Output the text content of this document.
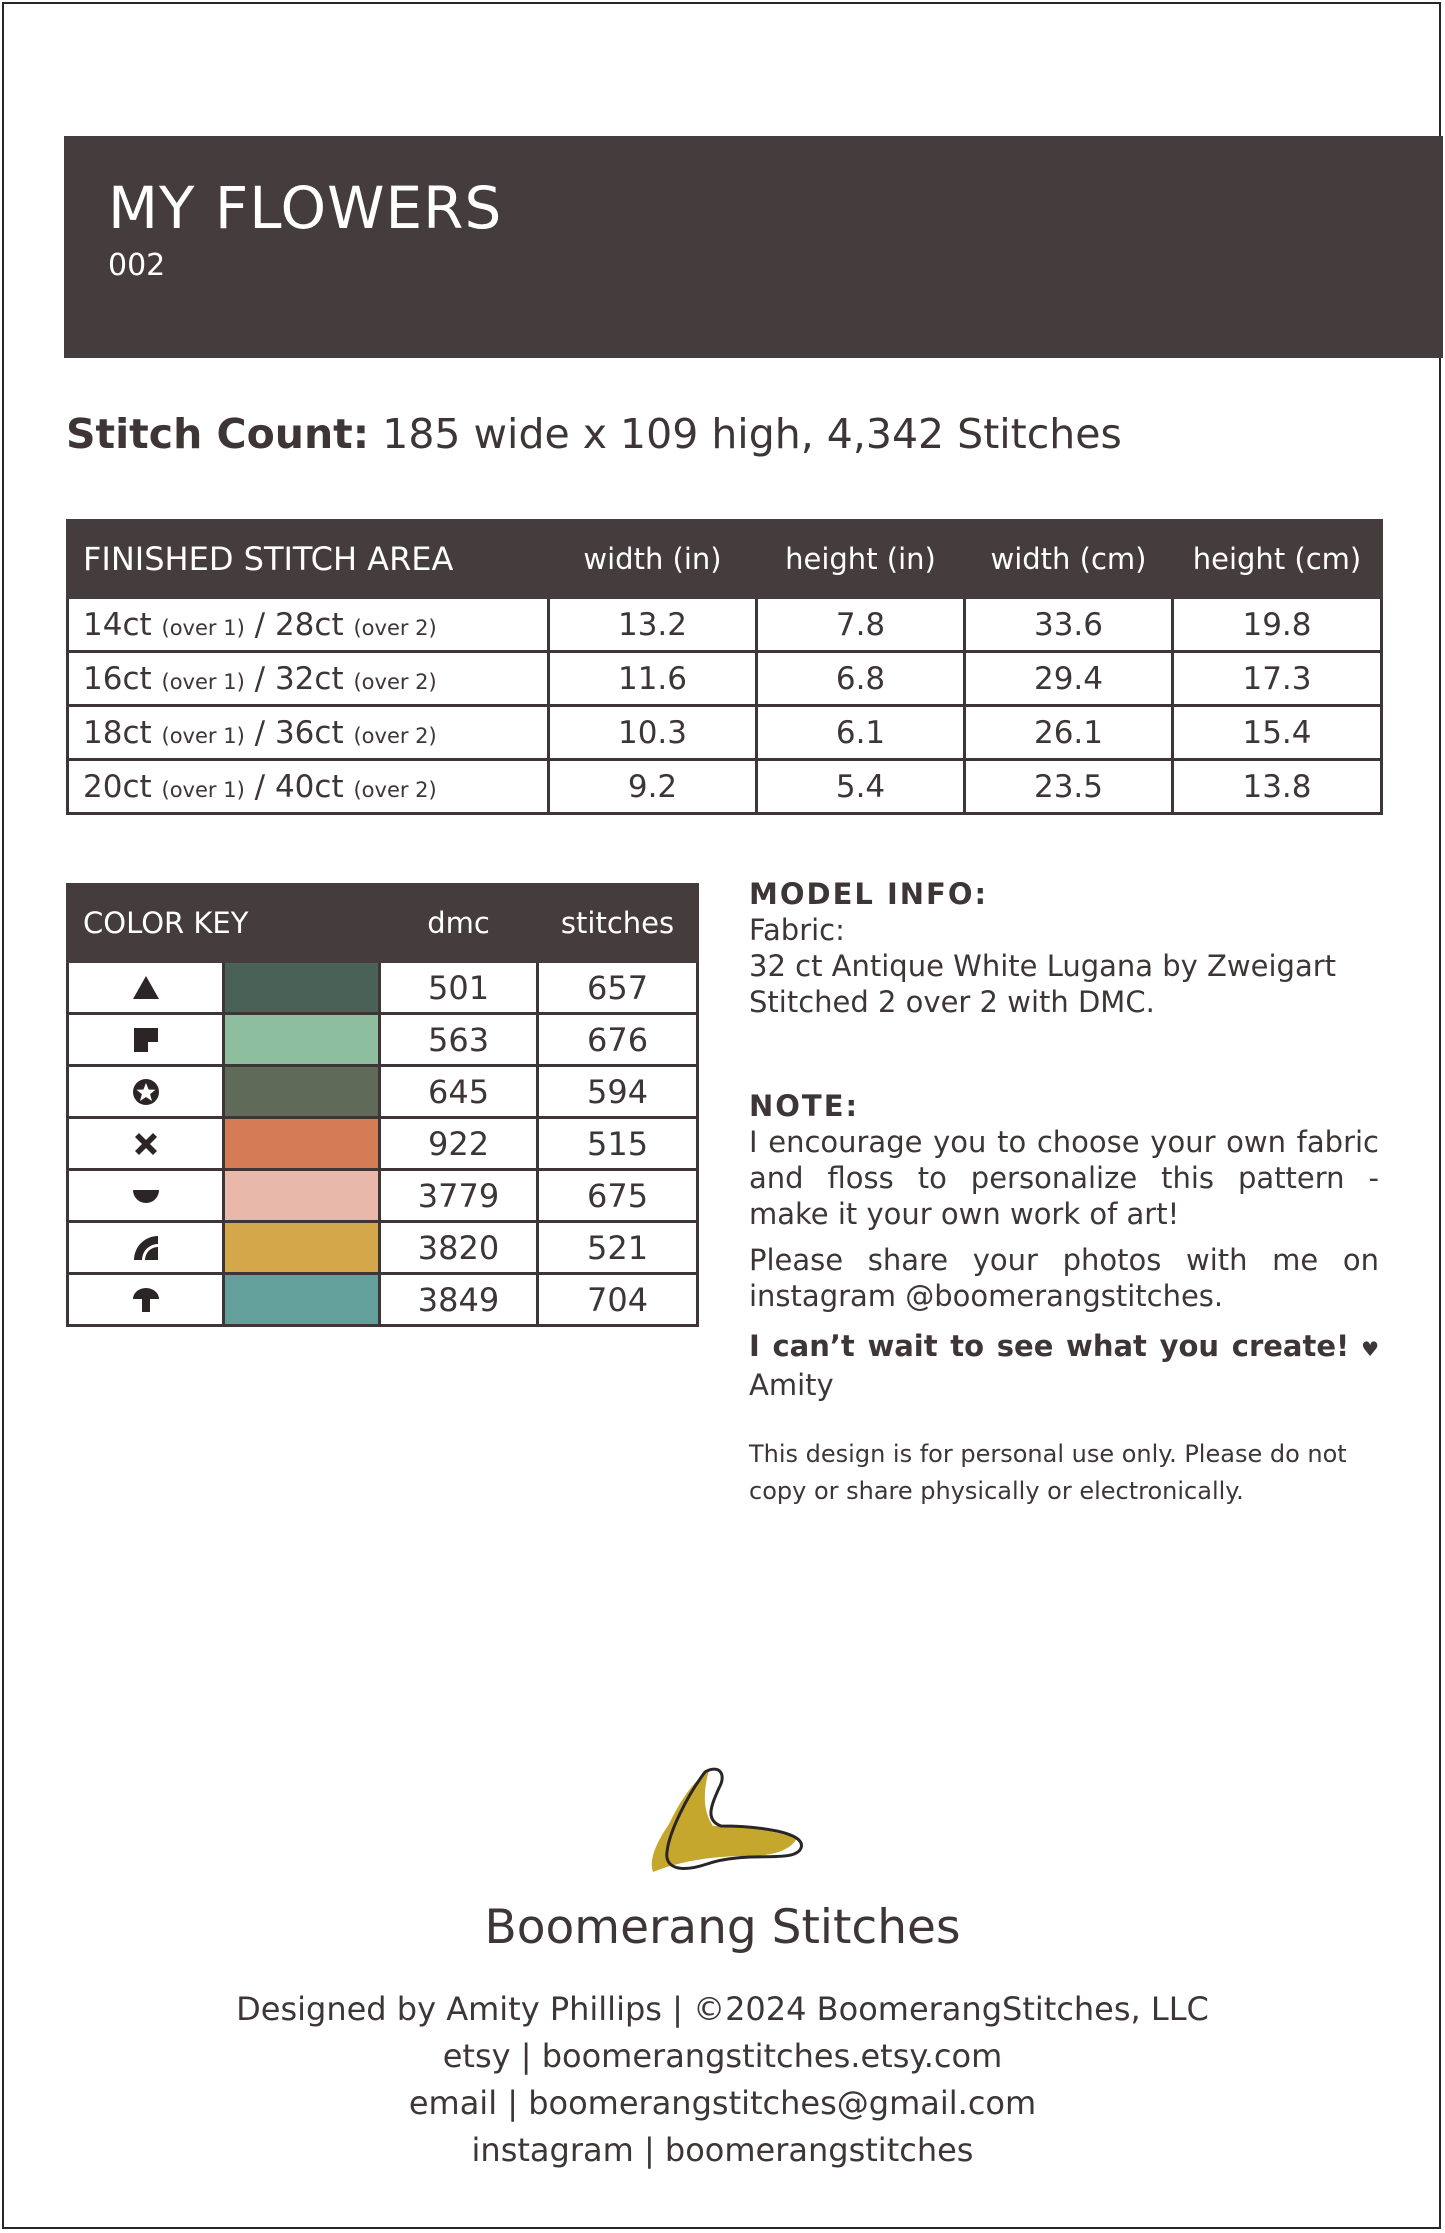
MY FLOWERS
002
Stitch Count: 185 wide x 109 high, 4,342 Stitches
FINISHED STITCH AREA	width (in)	height (in)	width (cm)	height (cm)
14ct (over 1) / 28ct (over 2)	13.2	7.8	33.6	19.8
16ct (over 1) / 32ct (over 2)	11.6	6.8	29.4	17.3
18ct (over 1) / 36ct (over 2)	10.3	6.1	26.1	15.4
20ct (over 1) / 40ct (over 2)	9.2	5.4	23.5	13.8
COLOR KEY		dmc	stitches

	501	657

	563	676

	645	594

	922	515

	3779	675

	3820	521

	3849	704
MODEL INFO:
Fabric:
32 ct Antique White Lugana by Zweigart
Stitched 2 over 2 with DMC.
NOTE:

I encourage you to choose your own fabric and floss to personalize this pattern - make it your own work of art!

Please share your photos with me on instagram @boomerangstitches.

I can’t wait to see what you create! ♥ Amity

This design is for personal use only. Please do not copy or share physically or electronically.
Boomerang Stitches
Designed by Amity Phillips | ©2024 BoomerangStitches, LLC
etsy | boomerangstitches.etsy.com
email | boomerangstitches@gmail.com
instagram | boomerangstitches
